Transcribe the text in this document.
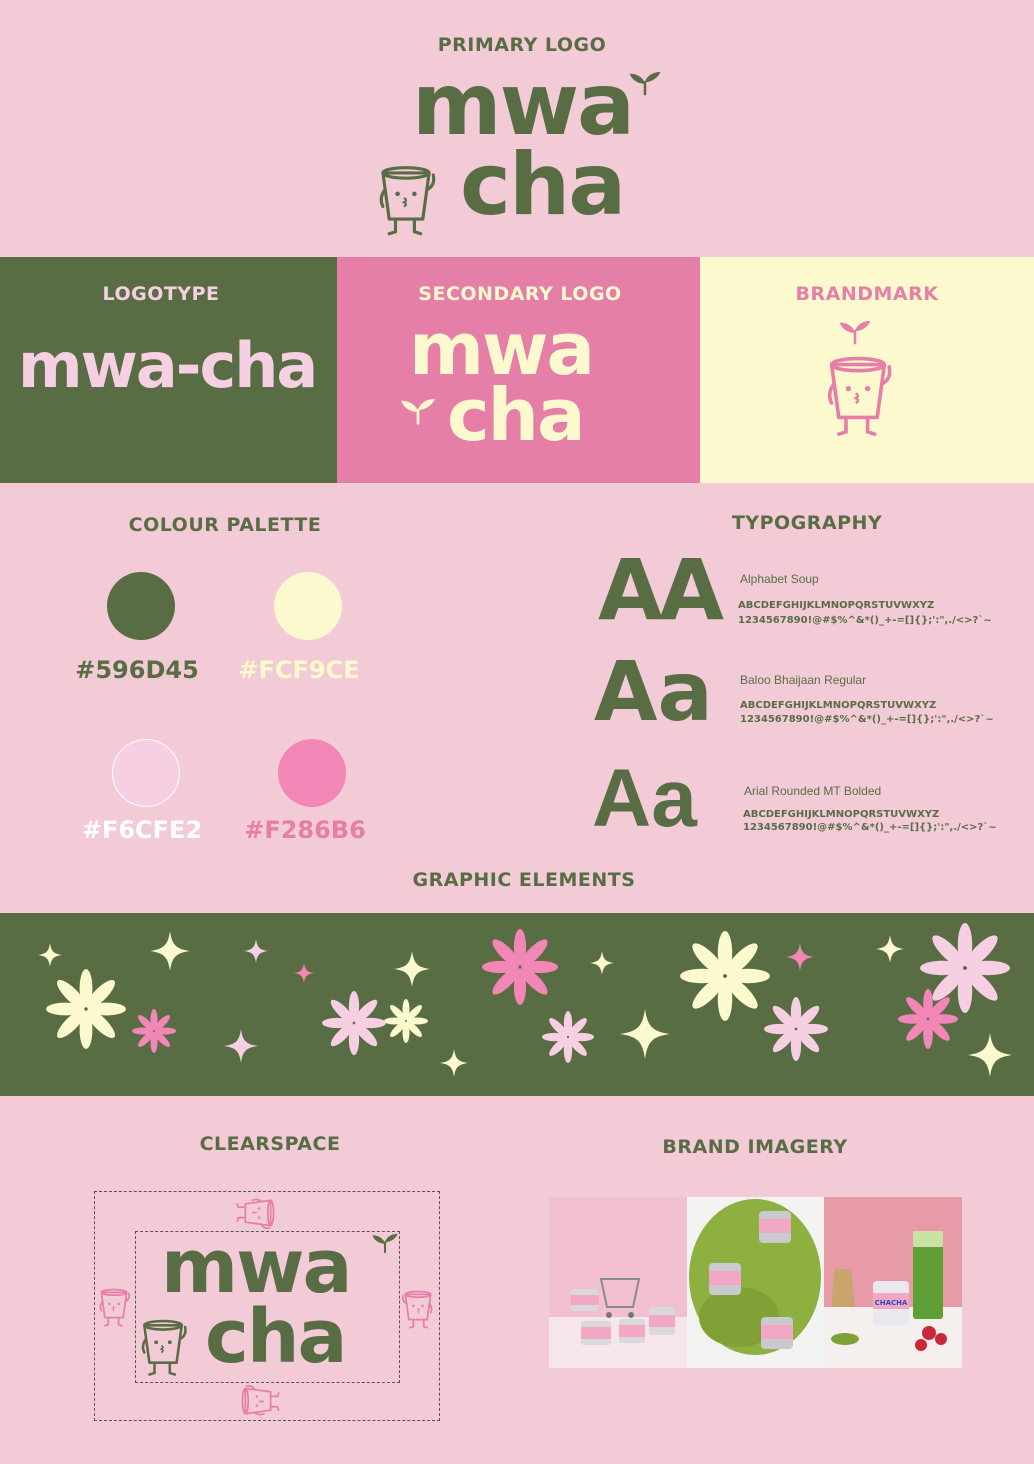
PRIMARY LOGO
mwa
cha
LOGOTYPE
mwa-cha
SECONDARY LOGO
mwa
cha
BRANDMARK
COLOUR PALETTE
#596D45	#FCF9CE
#F6CFE2	#F286B6
TYPOGRAPHY
AA Alphabet Soup
ABCDEFGHIJKLMNOPQRSTUVWXYZ
1234567890!@#$%^&*()_+-=[]{};':",./<>?`~
Aa Baloo Bhaijaan Regular
ABCDEFGHIJKLMNOPQRSTUVWXYZ
1234567890!@#$%^&*()_+-=[]{};':",./<>?`~
Aa	Arial Rounded MT Bolded
ABCDEFGHIJKLMNOPQRSTUVWXYZ
1234567890!@#$%^&*()_+-=[]{};':",./<>?`~
GRAPHIC ELEMENTS
CLEARSPACE
mwa
cha
BRAND IMAGERY
CHACHA
